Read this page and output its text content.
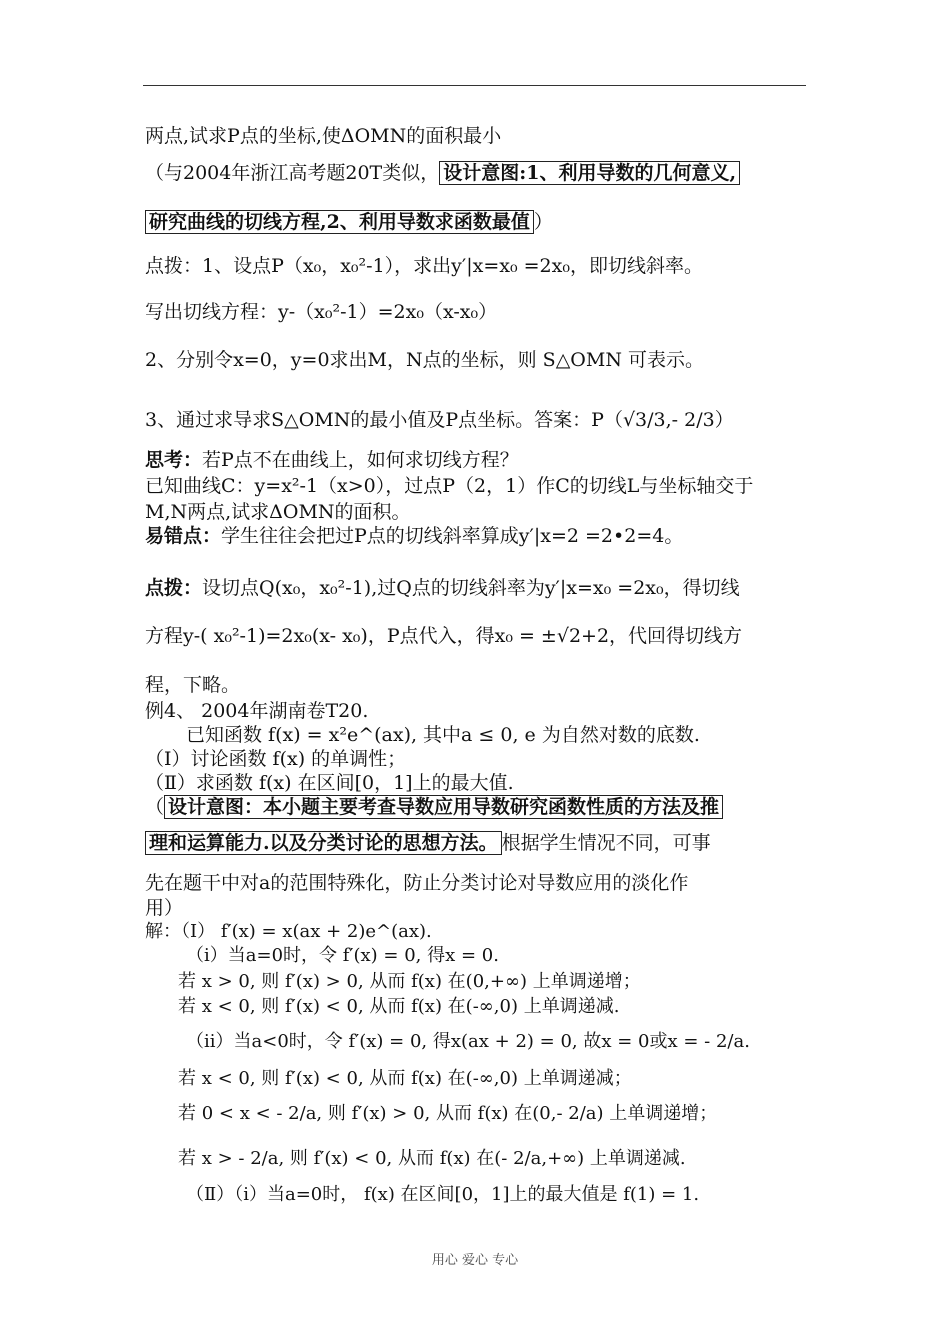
两点,试求P点的坐标,使ΔOMN的面积最小
（与2004年浙江高考题20T类似， 设计意图:1、利用导数的几何意义,
研究曲线的切线方程,2、利用导数求函数最值 ）
点拨：1、设点P（x₀，x₀²-1），求出y′|x=x₀ =2x₀，即切线斜率。
写出切线方程：y-（x₀²-1）=2x₀（x-x₀）
2、分别令x=0，y=0求出M，N点的坐标，则 S△OMN 可表示。
3、通过求导求S△OMN的最小值及P点坐标。答案：P（√3/3,- 2/3）
思考：若P点不在曲线上，如何求切线方程？
已知曲线C：y=x²-1（x>0），过点P（2，1）作C的切线L与坐标轴交于
M,N两点,试求ΔOMN的面积。
易错点：学生往往会把过P点的切线斜率算成y′|x=2 =2•2=4。
点拨：设切点Q(x₀，x₀²-1),过Q点的切线斜率为y′|x=x₀ =2x₀，得切线
方程y-( x₀²-1)=2x₀(x- x₀)，P点代入，得x₀ = ±√2+2，代回得切线方
程，下略。
例4、 2004年湖南卷T20.
已知函数 f(x) = x²e^(ax), 其中a ≤ 0, e 为自然对数的底数.
（Ⅰ）讨论函数 f(x) 的单调性；
（Ⅱ）求函数 f(x) 在区间[0，1]上的最大值.
（ 设计意图：本小题主要考查导数应用导数研究函数性质的方法及推
理和运算能力.以及分类讨论的思想方法。 根据学生情况不同，可事
先在题干中对a的范围特殊化，防止分类讨论对导数应用的淡化作
用）
解：（Ⅰ） f′(x) = x(ax + 2)e^(ax).
（i）当a=0时，令 f′(x) = 0, 得x = 0.
若 x > 0, 则 f′(x) > 0, 从而 f(x) 在(0,+∞) 上单调递增；
若 x < 0, 则 f′(x) < 0, 从而 f(x) 在(-∞,0) 上单调递减.
（ii）当a<0时，令 f′(x) = 0, 得x(ax + 2) = 0, 故x = 0或x = - 2/a.
若 x < 0, 则 f′(x) < 0, 从而 f(x) 在(-∞,0) 上单调递减；
若 0 < x < - 2/a, 则 f′(x) > 0, 从而 f(x) 在(0,- 2/a) 上单调递增；
若 x > - 2/a, 则 f′(x) < 0, 从而 f(x) 在(- 2/a,+∞) 上单调递减.
（Ⅱ）（i）当a=0时， f(x) 在区间[0，1]上的最大值是 f(1) = 1.
用心 爱心 专心
